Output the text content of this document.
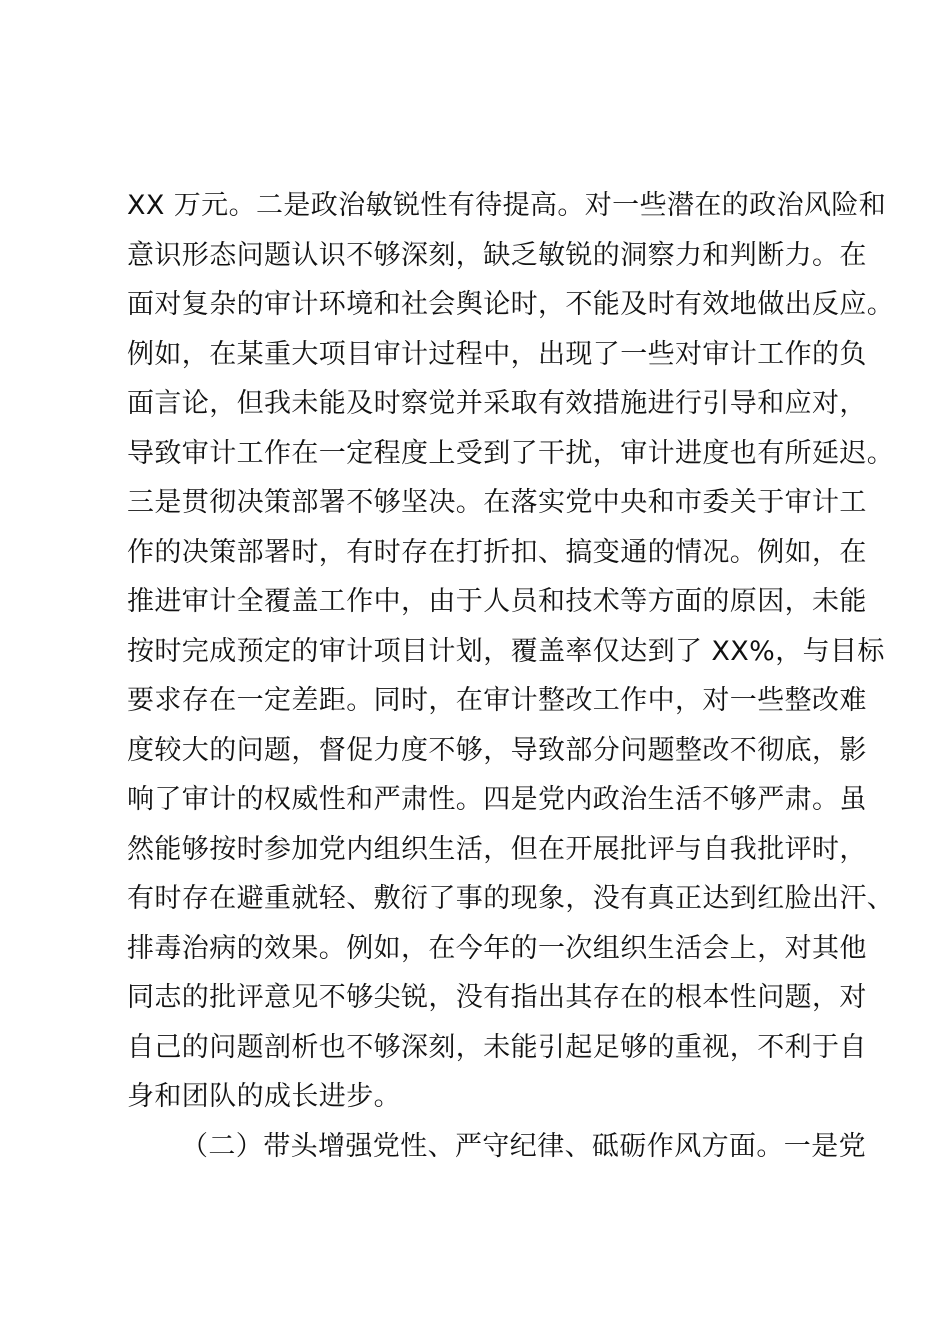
XX 万元。二是政治敏锐性有待提高。对一些潜在的政治风险和
意识形态问题认识不够深刻，缺乏敏锐的洞察力和判断力。在
面对复杂的审计环境和社会舆论时，不能及时有效地做出反应。
例如，在某重大项目审计过程中，出现了一些对审计工作的负
面言论，但我未能及时察觉并采取有效措施进行引导和应对，
导致审计工作在一定程度上受到了干扰，审计进度也有所延迟。
三是贯彻决策部署不够坚决。在落实党中央和市委关于审计工
作的决策部署时，有时存在打折扣、搞变通的情况。例如，在
推进审计全覆盖工作中，由于人员和技术等方面的原因，未能
按时完成预定的审计项目计划，覆盖率仅达到了 XX%，与目标
要求存在一定差距。同时，在审计整改工作中，对一些整改难
度较大的问题，督促力度不够，导致部分问题整改不彻底，影
响了审计的权威性和严肃性。四是党内政治生活不够严肃。虽
然能够按时参加党内组织生活，但在开展批评与自我批评时，
有时存在避重就轻、敷衍了事的现象，没有真正达到红脸出汗、
排毒治病的效果。例如，在今年的一次组织生活会上，对其他
同志的批评意见不够尖锐，没有指出其存在的根本性问题，对
自己的问题剖析也不够深刻，未能引起足够的重视，不利于自
身和团队的成长进步。
（二）带头增强党性、严守纪律、砥砺作风方面。一是党
